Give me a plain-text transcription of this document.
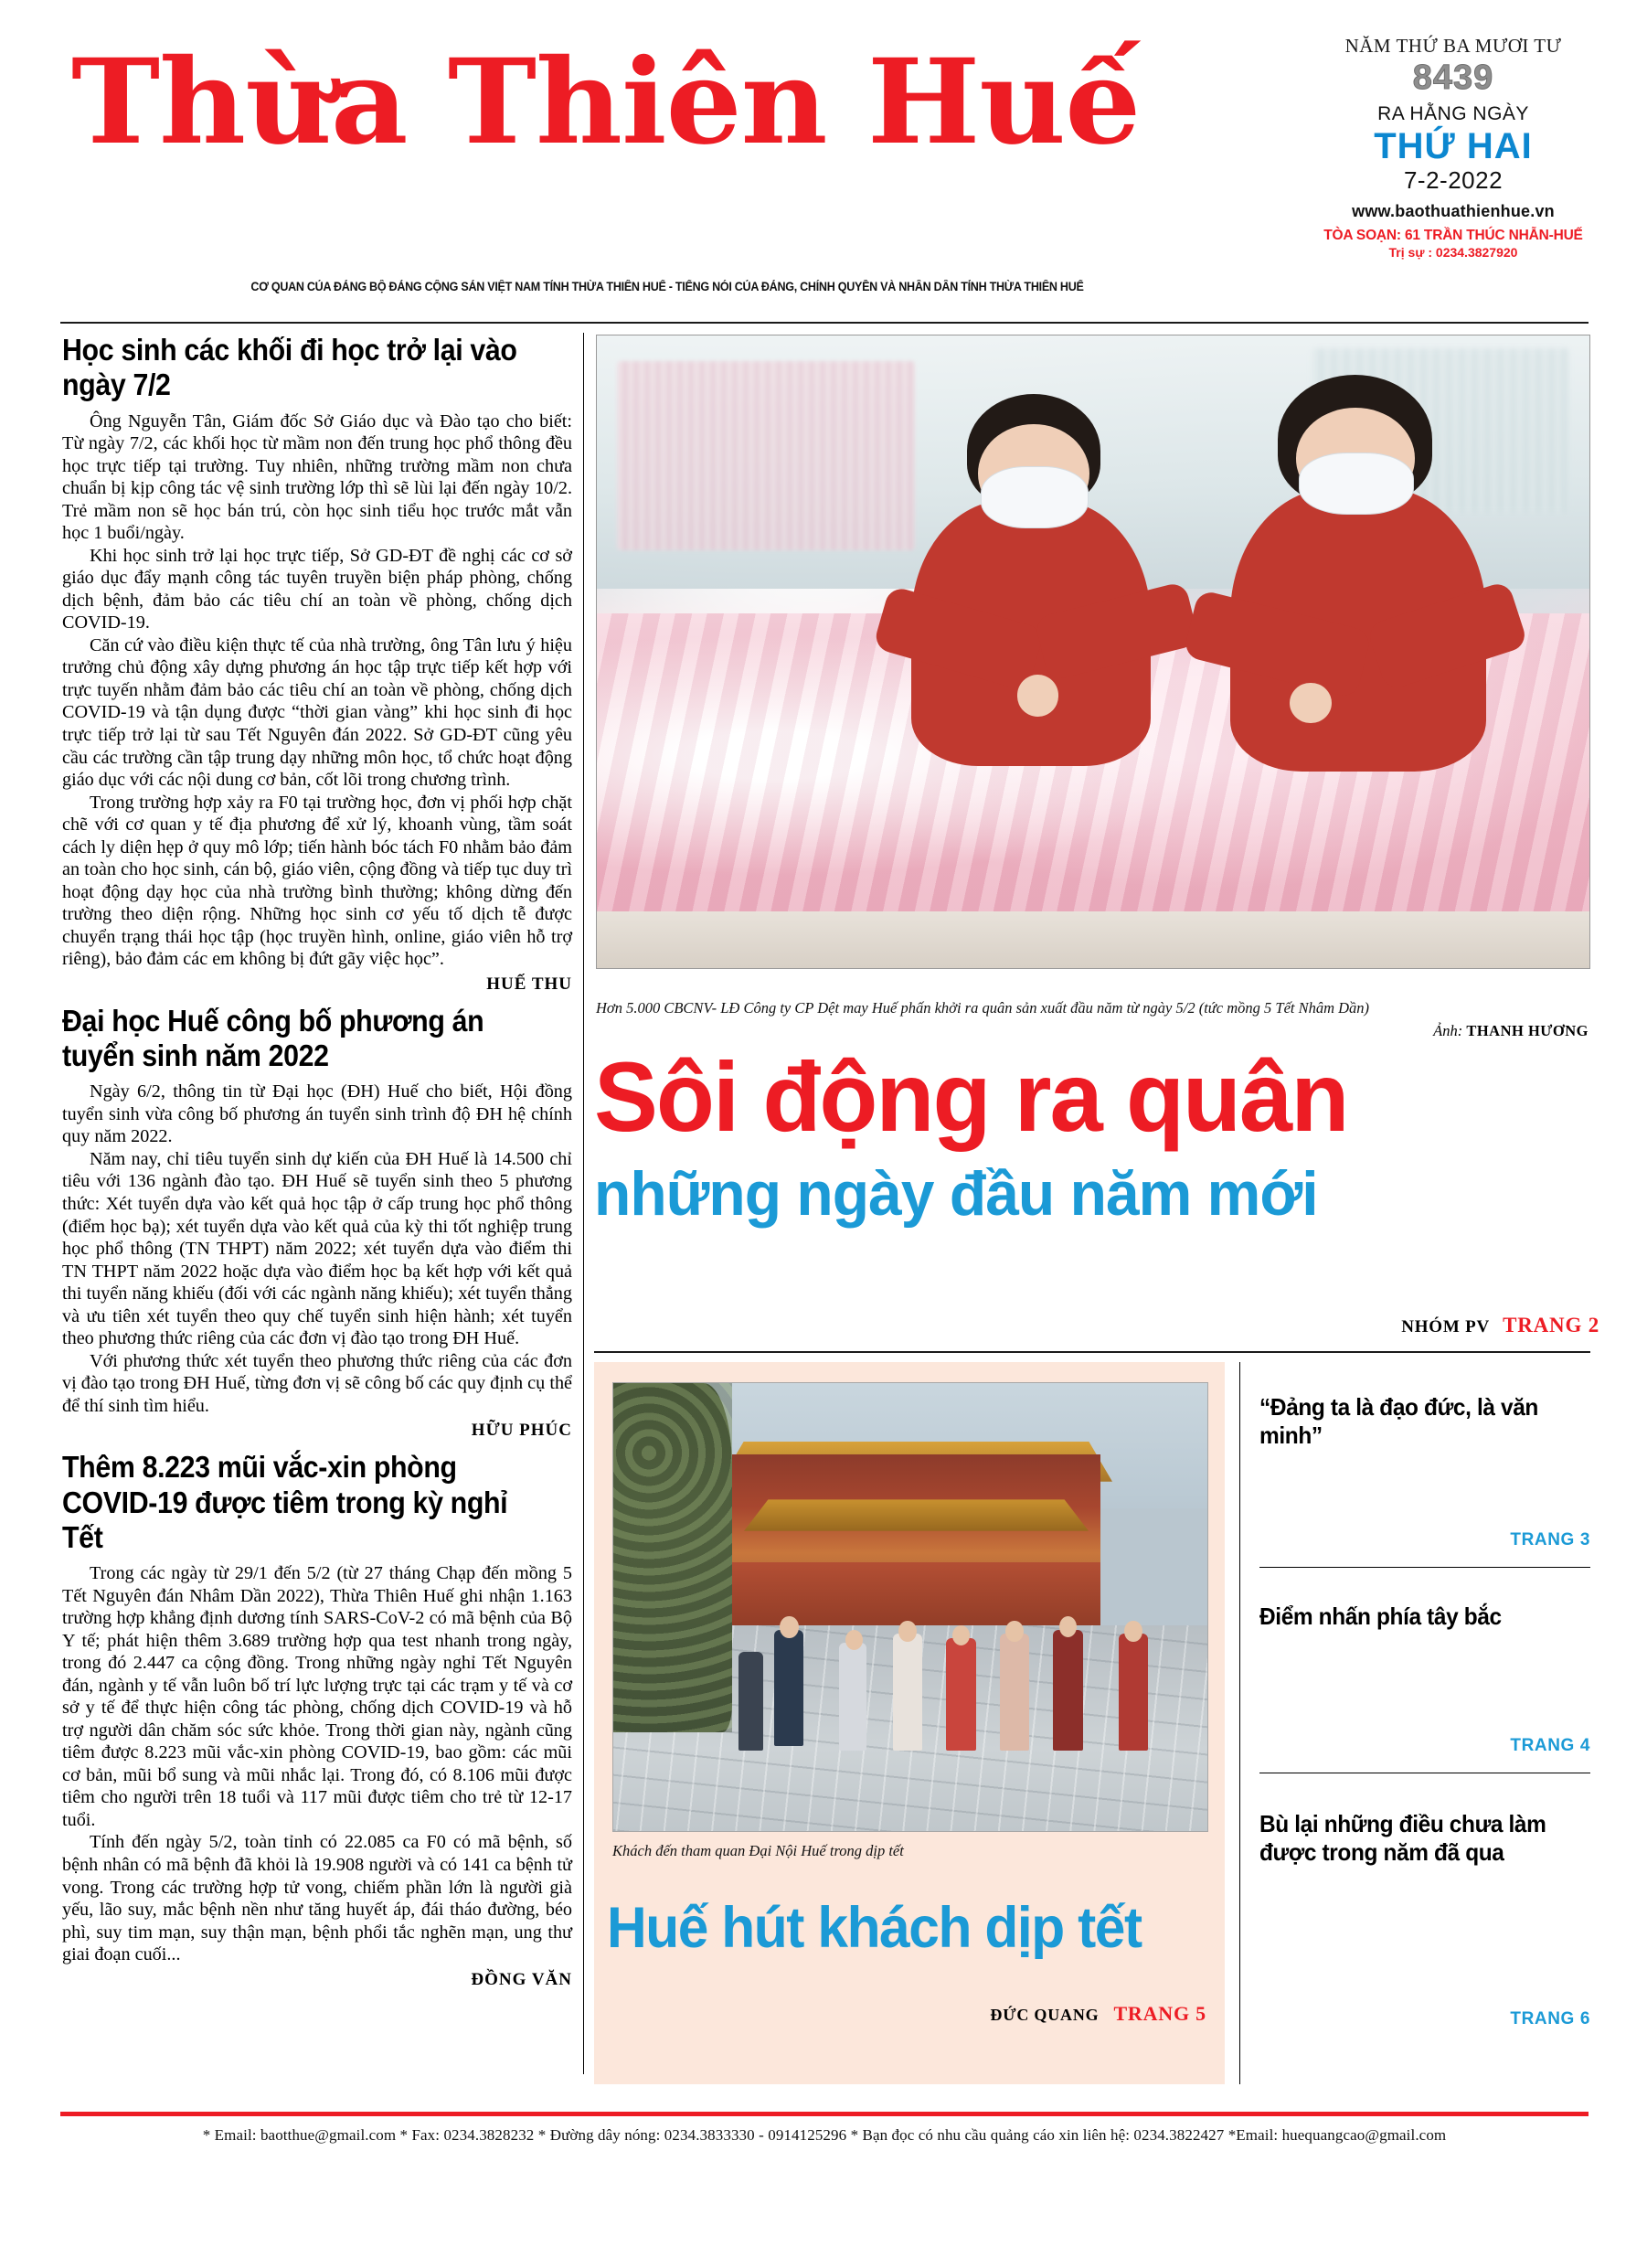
Thừa Thiên Huế	NĂM THỨ BA MƯƠI TƯ
8439
RA HẰNG NGÀY
THỨ HAI
7-2-2022
www.baothuathienhue.vn
TÒA SOẠN: 61 TRẦN THÚC NHẪN-HUẾ
Trị sự : 0234.3827920
CƠ QUAN CỦA ĐẢNG BỘ ĐẢNG CỘNG SẢN VIỆT NAM TỈNH THỪA THIÊN HUẾ - TIẾNG NÓI CỦA ĐẢNG, CHÍNH QUYỀN VÀ NHÂN DÂN TỈNH THỪA THIÊN HUẾ
Học sinh các khối đi học trở lại vào ngày 7/2

Ông Nguyễn Tân, Giám đốc Sở Giáo dục và Đào tạo cho biết: Từ ngày 7/2, các khối học từ mầm non đến trung học phổ thông đều học trực tiếp tại trường. Tuy nhiên, những trường mầm non chưa chuẩn bị kịp công tác vệ sinh trường lớp thì sẽ lùi lại đến ngày 10/2. Trẻ mầm non sẽ học bán trú, còn học sinh tiểu học trước mắt vẫn học 1 buổi/ngày.

Khi học sinh trở lại học trực tiếp, Sở GD-ĐT đề nghị các cơ sở giáo dục đẩy mạnh công tác tuyên truyền biện pháp phòng, chống dịch bệnh, đảm bảo các tiêu chí an toàn về phòng, chống dịch COVID-19.

Căn cứ vào điều kiện thực tế của nhà trường, ông Tân lưu ý hiệu trưởng chủ động xây dựng phương án học tập trực tiếp kết hợp với trực tuyến nhằm đảm bảo các tiêu chí an toàn về phòng, chống dịch COVID-19 và tận dụng được “thời gian vàng” khi học sinh đi học trực tiếp trở lại từ sau Tết Nguyên đán 2022. Sở GD-ĐT cũng yêu cầu các trường cần tập trung dạy những môn học, tổ chức hoạt động giáo dục với các nội dung cơ bản, cốt lõi trong chương trình.

Trong trường hợp xảy ra F0 tại trường học, đơn vị phối hợp chặt chẽ với cơ quan y tế địa phương để xử lý, khoanh vùng, tầm soát cách ly diện hẹp ở quy mô lớp; tiến hành bóc tách F0 nhằm bảo đảm an toàn cho học sinh, cán bộ, giáo viên, cộng đồng và tiếp tục duy trì hoạt động dạy học của nhà trường bình thường; không dừng đến trường theo diện rộng. Những học sinh cơ yếu tố dịch tễ được chuyển trạng thái học tập (học truyền hình, online, giáo viên hỗ trợ riêng), bảo đảm các em không bị đứt gãy việc học”.

HUẾ THU
Đại học Huế công bố phương án tuyển sinh năm 2022

Ngày 6/2, thông tin từ Đại học (ĐH) Huế cho biết, Hội đồng tuyển sinh vừa công bố phương án tuyển sinh trình độ ĐH hệ chính quy năm 2022.

Năm nay, chỉ tiêu tuyển sinh dự kiến của ĐH Huế là 14.500 chỉ tiêu với 136 ngành đào tạo. ĐH Huế sẽ tuyển sinh theo 5 phương thức: Xét tuyển dựa vào kết quả học tập ở cấp trung học phổ thông (điểm học bạ); xét tuyển dựa vào kết quả của kỳ thi tốt nghiệp trung học phổ thông (TN THPT) năm 2022; xét tuyển dựa vào điểm thi TN THPT năm 2022 hoặc dựa vào điểm học bạ kết hợp với kết quả thi tuyển năng khiếu (đối với các ngành năng khiếu); xét tuyển thẳng và ưu tiên xét tuyển theo quy chế tuyển sinh hiện hành; xét tuyển theo phương thức riêng của các đơn vị đào tạo trong ĐH Huế.

Với phương thức xét tuyển theo phương thức riêng của các đơn vị đào tạo trong ĐH Huế, từng đơn vị sẽ công bố các quy định cụ thể để thí sinh tìm hiểu.

HỮU PHÚC
Thêm 8.223 mũi vắc-xin phòng COVID-19 được tiêm trong kỳ nghỉ Tết

Trong các ngày từ 29/1 đến 5/2 (từ 27 tháng Chạp đến mồng 5 Tết Nguyên đán Nhâm Dần 2022), Thừa Thiên Huế ghi nhận 1.163 trường hợp khẳng định dương tính SARS-CoV-2 có mã bệnh của Bộ Y tế; phát hiện thêm 3.689 trường hợp qua test nhanh trong ngày, trong đó 2.447 ca cộng đồng. Trong những ngày nghỉ Tết Nguyên đán, ngành y tế vẫn luôn bố trí lực lượng trực tại các trạm y tế và cơ sở y tế để thực hiện công tác phòng, chống dịch COVID-19 và hỗ trợ người dân chăm sóc sức khỏe. Trong thời gian này, ngành cũng tiêm được 8.223 mũi vắc-xin phòng COVID-19, bao gồm: các mũi cơ bản, mũi bổ sung và mũi nhắc lại. Trong đó, có 8.106 mũi được tiêm cho người trên 18 tuổi và 117 mũi được tiêm cho trẻ từ 12-17 tuổi.

Tính đến ngày 5/2, toàn tỉnh có 22.085 ca F0 có mã bệnh, số bệnh nhân có mã bệnh đã khỏi là 19.908 người và có 141 ca bệnh tử vong. Trong các trường hợp tử vong, chiếm phần lớn là người già yếu, lão suy, mắc bệnh nền như tăng huyết áp, đái tháo đường, béo phì, suy tim mạn, suy thận mạn, bệnh phổi tắc nghẽn mạn, ung thư giai đoạn cuối...

ĐỒNG VĂN
Hơn 5.000 CBCNV- LĐ Công ty CP Dệt may Huế phấn khởi ra quân sản xuất đầu năm từ ngày 5/2 (tức mồng 5 Tết Nhâm Dần)
Ảnh: THANH HƯƠNG
Sôi động ra quân
những ngày đầu năm mới
NHÓM PV TRANG 2
Khách đến tham quan Đại Nội Huế trong dịp tết
Huế hút khách dịp tết
ĐỨC QUANG TRANG 5
“Đảng ta là đạo đức, là văn minh”
TRANG 3
Điểm nhấn phía tây bắc
TRANG 4
Bù lại những điều chưa làm được trong năm đã qua
TRANG 6
* Email: baotthue@gmail.com * Fax: 0234.3828232 * Đường dây nóng: 0234.3833330 - 0914125296 * Bạn đọc có nhu cầu quảng cáo xin liên hệ: 0234.3822427 *Email: huequangcao@gmail.com
